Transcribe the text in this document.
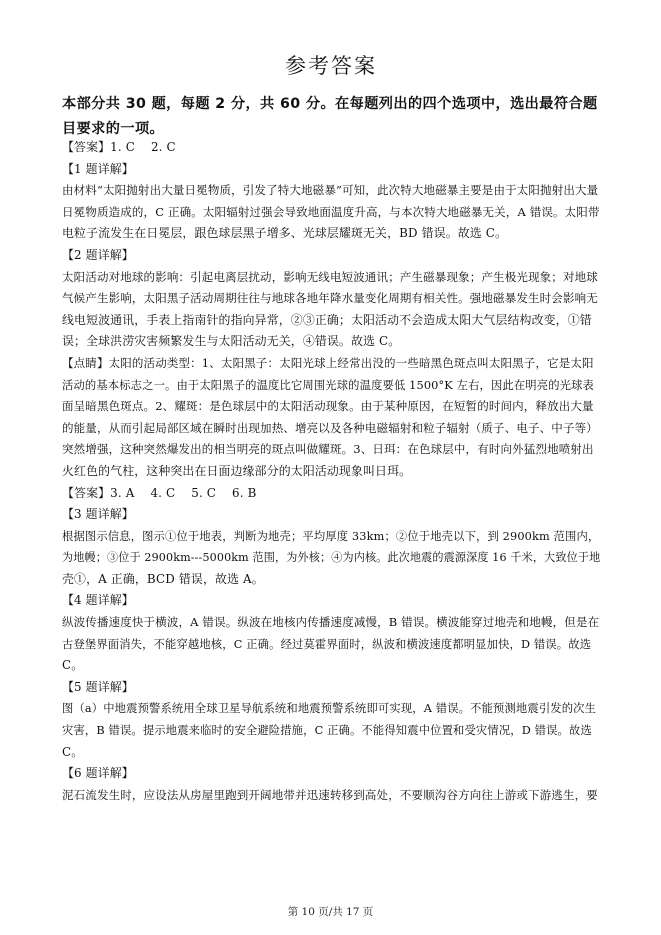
参考答案
本部分共 30 题，每题 2 分，共 60 分。在每题列出的四个选项中，选出最符合题目要求的一项。
【答案】1. C　 2. C
【1 题详解】
由材料“太阳抛射出大量日冕物质，引发了特大地磁暴”可知，此次特大地磁暴主要是由于太阳抛射出大量
日冕物质造成的，C 正确。太阳辐射过强会导致地面温度升高，与本次特大地磁暴无关，A 错误。太阳带
电粒子流发生在日冕层，跟色球层黑子增多、光球层耀斑无关，BD 错误。故选 C。
【2 题详解】
太阳活动对地球的影响：引起电离层扰动，影响无线电短波通讯；产生磁暴现象；产生极光现象；对地球
气候产生影响，太阳黑子活动周期往往与地球各地年降水量变化周期有相关性。强地磁暴发生时会影响无
线电短波通讯，手表上指南针的指向异常，②③正确；太阳活动不会造成太阳大气层结构改变，①错
误；全球洪涝灾害频繁发生与太阳活动无关，④错误。故选 C。
【点睛】太阳的活动类型：1、太阳黑子：太阳光球上经常出没的一些暗黑色斑点叫太阳黑子，它是太阳
活动的基本标志之一。由于太阳黑子的温度比它周围光球的温度要低 1500°K 左右，因此在明亮的光球表
面呈暗黑色斑点。2、耀斑：是色球层中的太阳活动现象。由于某种原因，在短暂的时间内，释放出大量
的能量，从而引起局部区域在瞬时出现加热、增亮以及各种电磁辐射和粒子辐射（质子、电子、中子等）
突然增强，这种突然爆发出的相当明亮的斑点叫做耀斑。3、日珥：在色球层中，有时向外猛烈地喷射出
火红色的气柱，这种突出在日面边缘部分的太阳活动现象叫日珥。
【答案】3. A　 4. C　 5. C　 6. B
【3 题详解】
根据图示信息，图示①位于地表，判断为地壳；平均厚度 33km；②位于地壳以下，到 2900km 范围内，
为地幔；③位于 2900km---5000km 范围，为外核；④为内核。此次地震的震源深度 16 千米，大致位于地
壳①，A 正确，BCD 错误，故选 A。
【4 题详解】
纵波传播速度快于横波，A 错误。纵波在地核内传播速度减慢，B 错误。横波能穿过地壳和地幔，但是在
古登堡界面消失，不能穿越地核，C 正确。经过莫霍界面时，纵波和横波速度都明显加快，D 错误。故选
C。
【5 题详解】
图（a）中地震预警系统用全球卫星导航系统和地震预警系统即可实现，A 错误。不能预测地震引发的次生
灾害，B 错误。提示地震来临时的安全避险措施，C 正确。不能得知震中位置和受灾情况，D 错误。故选
C。
【6 题详解】
泥石流发生时，应设法从房屋里跑到开阔地带并迅速转移到高处，不要顺沟谷方向往上游或下游逃生，要
第 10 页/共 17 页
